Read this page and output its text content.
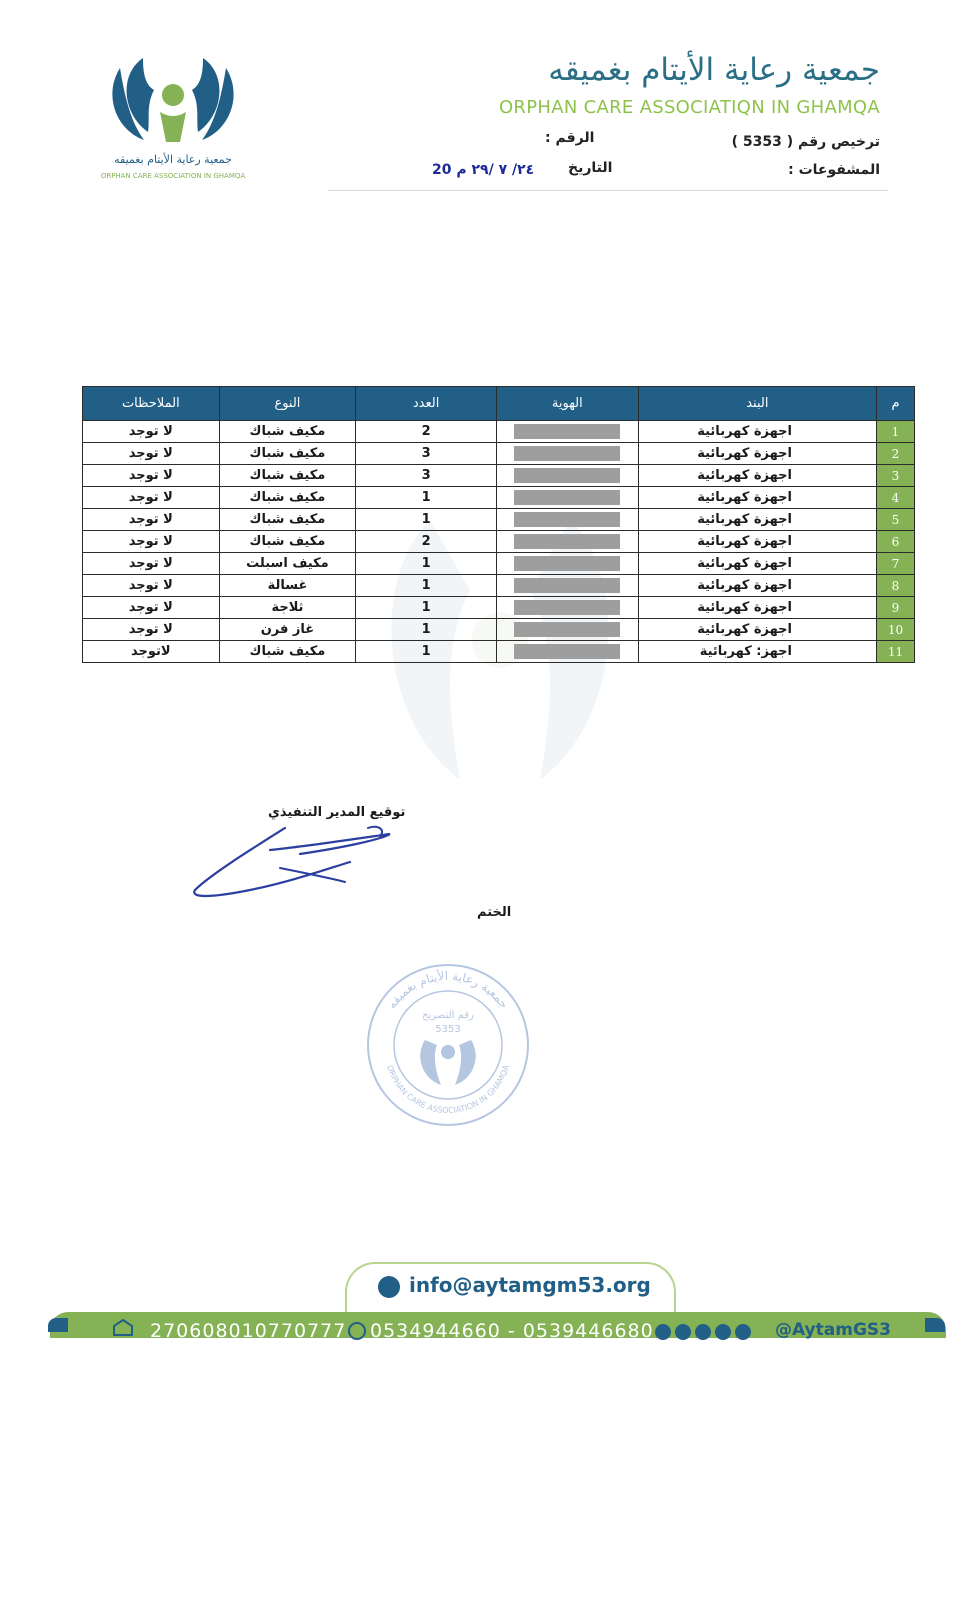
جمعية رعاية الأيتام بغميقه
ORPHAN CARE ASSOCIATION IN GHAMQA
جمعية رعاية الأيتام بغميقه
ORPHAN CARE ASSOCIATIQN IN GHAMQA
ترخيص رقم ( 5353 )
المشفوعات :
الرقم :
التاريخ
20 ٢٤/ ٧ /٢٩ م
م	البند	الهوية	العدد	النوع	الملاحظات
1	اجهزة كهربائية		2	مكيف شباك	لا توجد
2	اجهزة كهربائية		3	مكيف شباك	لا توجد
3	اجهزة كهربائية		3	مكيف شباك	لا توجد
4	اجهزة كهربائية		1	مكيف شباك	لا توجد
5	اجهزة كهربائية		1	مكيف شباك	لا توجد
6	اجهزة كهربائية		2	مكيف شباك	لا توجد
7	اجهزة كهربائية		1	مكيف اسبلت	لا توجد
8	اجهزة كهربائية		1	غسالة	لا توجد
9	اجهزة كهربائية		1	ثلاجة	لا توجد
10	اجهزة كهربائية		1	غاز فرن	لا توجد
11	اجهز: كهربائية		1	مكيف شباك	لاتوجد
توقيع المدير التنفيذي
الختم
جمعية رعاية الأيتام بغميقه
ORPHAN CARE ASSOCIATION IN GHAMQA
رقم التصريح
5353
info@aytamgm53.org
270608010770777 0534944660 - 0539446680	@AytamGS3
